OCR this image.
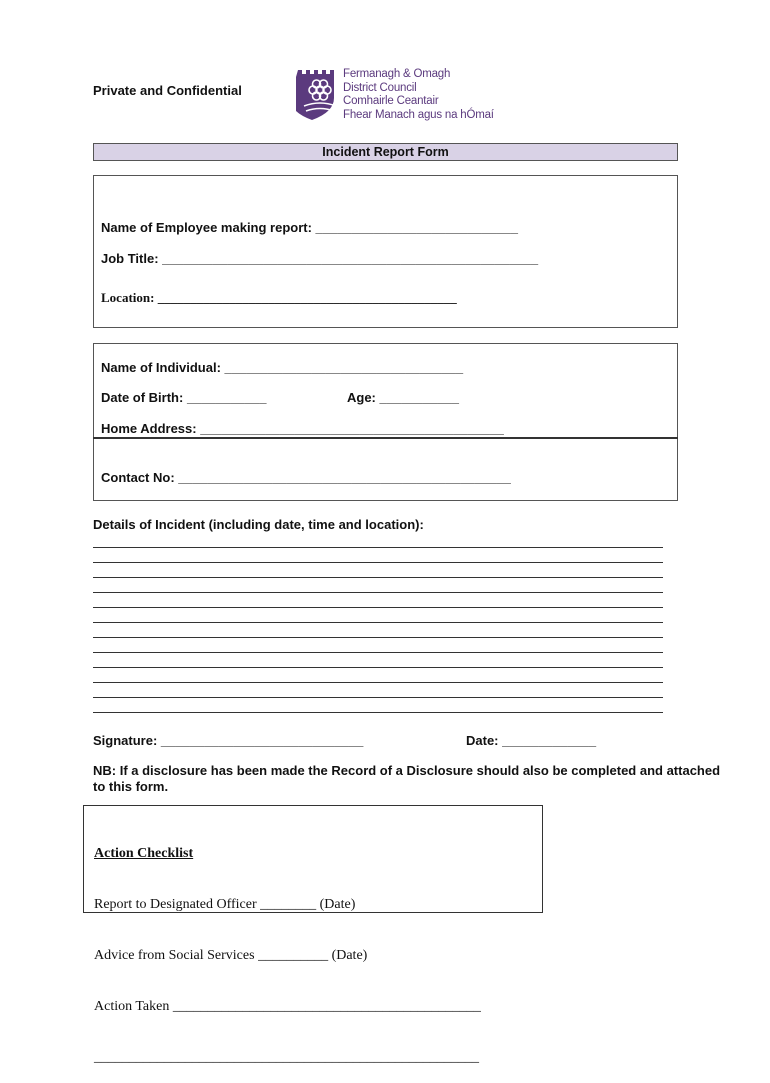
Private and Confidential
Fermanagh & Omagh
District Council
Comhairle Ceantair
Fhear Manach agus na hÓmaí
Incident Report Form
Name of Employee making report: ____________________________
Job Title: ____________________________________________________
Location: ______________________________________________
Name of Individual: _________________________________
Date of Birth: ___________	Age: ___________
Home Address: __________________________________________
Contact No: ______________________________________________
Details of Incident (including date, time and location):
Signature: ____________________________	Date: _____________
NB: If a disclosure has been made the Record of a Disclosure should also be completed and attached to this form.

Action Checklist

Report to Designated Officer ________ (Date)

Advice from Social Services __________ (Date)

Action Taken ____________________________________________

_______________________________________________________
